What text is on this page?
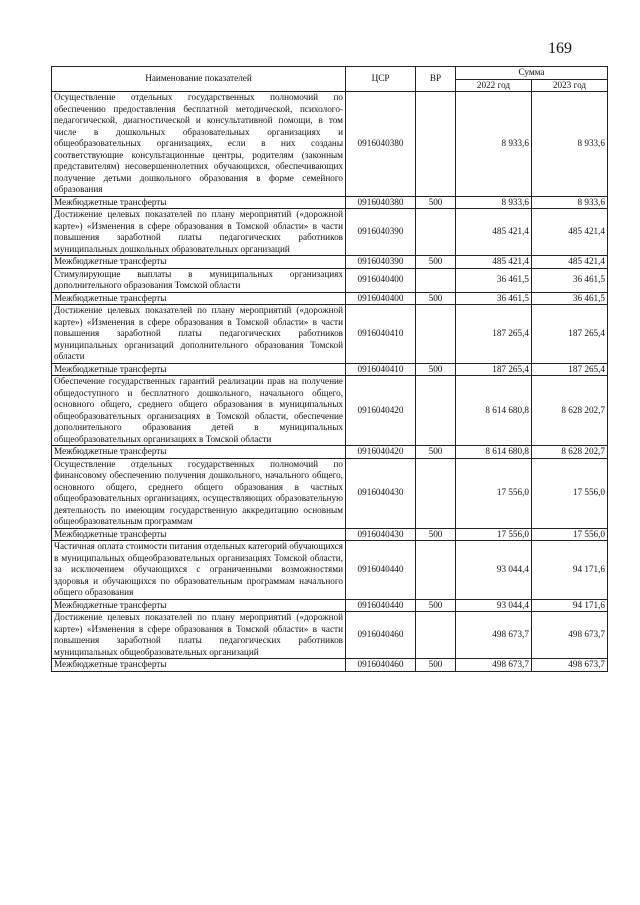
169
Наименование показателей	ЦСР	ВР	Сумма	
			2022 год	2023 год
Осуществление отдельных государственных полномочий по обеспечению предоставления бесплатной методической, психолого-педагогической, диагностической и консультативной помощи, в том числе в дошкольных образовательных организациях и общеобразовательных организациях, если в них созданы соответствующие консультационные центры, родителям (законным представителям) несовершеннолетних обучающихся, обеспечивающих получение детьми дошкольного образования в форме семейного образования	0916040380		8 933,6	8 933,6
Межбюджетные трансферты	0916040380	500	8 933,6	8 933,6
Достижение целевых показателей по плану мероприятий («дорожной карте») «Изменения в сфере образования в Томской области» в части повышения заработной платы педагогических работников муниципальных дошкольных образовательных организаций	0916040390		485 421,4	485 421,4
Межбюджетные трансферты	0916040390	500	485 421,4	485 421,4
Стимулирующие выплаты в муниципальных организациях дополнительного образования Томской области	0916040400		36 461,5	36 461,5
Межбюджетные трансферты	0916040400	500	36 461,5	36 461,5
Достижение целевых показателей по плану мероприятий («дорожной карте») «Изменения в сфере образования в Томской области» в части повышения заработной платы педагогических работников муниципальных организаций дополнительного образования Томской области	0916040410		187 265,4	187 265,4
Межбюджетные трансферты	0916040410	500	187 265,4	187 265,4
Обеспечение государственных гарантий реализации прав на получение общедоступного и бесплатного дошкольного, начального общего, основного общего, среднего общего образования в муниципальных общеобразовательных организациях в Томской области, обеспечение дополнительного образования детей в муниципальных общеобразовательных организациях в Томской области	0916040420		8 614 680,8	8 628 202,7
Межбюджетные трансферты	0916040420	500	8 614 680,8	8 628 202,7
Осуществление отдельных государственных полномочий по финансовому обеспечению получения дошкольного, начального общего, основного общего, среднего общего образования в частных общеобразовательных организациях, осуществляющих образовательную деятельность по имеющим государственную аккредитацию основным общеобразовательным программам	0916040430		17 556,0	17 556,0
Межбюджетные трансферты	0916040430	500	17 556,0	17 556,0
Частичная оплата стоимости питания отдельных категорий обучающихся в муниципальных общеобразовательных организациях Томской области, за исключением обучающихся с ограниченными возможностями здоровья и обучающихся по образовательным программам начального общего образования	0916040440		93 044,4	94 171,6
Межбюджетные трансферты	0916040440	500	93 044,4	94 171,6
Достижение целевых показателей по плану мероприятий («дорожной карте») «Изменения в сфере образования в Томской области» в части повышения заработной платы педагогических работников муниципальных общеобразовательных организаций	0916040460		498 673,7	498 673,7
Межбюджетные трансферты	0916040460	500	498 673,7	498 673,7
